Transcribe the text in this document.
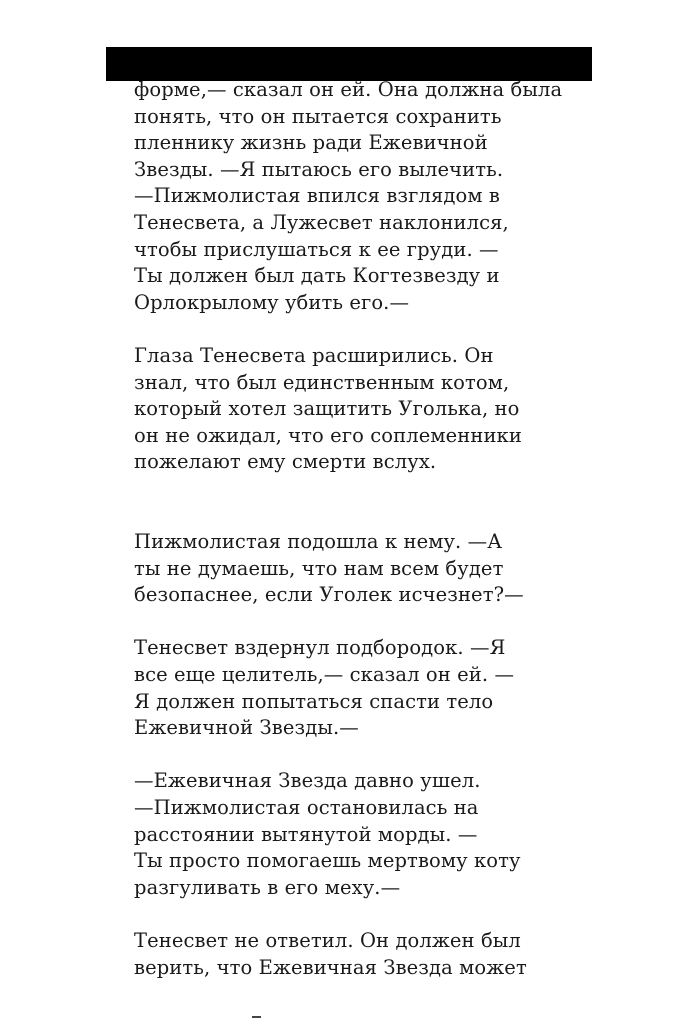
форме,— сказал он ей. Она должна была
понять, что он пытается сохранить
пленнику жизнь ради Ежевичной
Звезды. —Я пытаюсь его вылечить.
—Пижмолистая впился взглядом в
Тенесвета, а Лужесвет наклонился,
чтобы прислушаться к ее груди. —
Ты должен был дать Когтезвезду и
Орлокрылому убить его.—
Глаза Тенесвета расширились. Он
знал, что был единственным котом,
который хотел защитить Уголька, но
он не ожидал, что его соплеменники
пожелают ему смерти вслух.
Пижмолистая подошла к нему. —А
ты не думаешь, что нам всем будет
безопаснее, если Уголек исчезнет?—
Тенесвет вздернул подбородок. —Я
все еще целитель,— сказал он ей. —
Я должен попытаться спасти тело
Ежевичной Звезды.—
—Ежевичная Звезда давно ушел.
—Пижмолистая остановилась на
расстоянии вытянутой морды. —
Ты просто помогаешь мертвому коту
разгуливать в его меху.—
Тенесвет не ответил. Он должен был
верить, что Ежевичная Звезда может
